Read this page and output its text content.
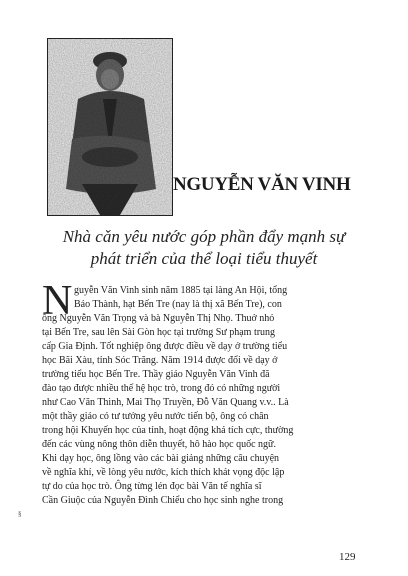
NGUYỄN VĂN VINH
Nhà cǎn yêu nước góp phần đẩy mạnh sự
phát triển của thể loại tiểu thuyết
N guyễn Văn Vinh sinh năm 1885 tại làng An Hội, tổng
Bảo Thành, hạt Bến Tre (nay là thị xã Bến Tre), con
ông Nguyễn Văn Trọng và bà Nguyễn Thị Nhọ. Thuở nhỏ
tại Bến Tre, sau lên Sài Gòn học tại trường Sư phạm trung
cấp Gia Định. Tốt nghiệp ông được điều về dạy ở trường tiểu
học Bãi Xàu, tỉnh Sóc Trăng. Năm 1914 được đổi về dạy ở
trường tiểu học Bến Tre. Thầy giáo Nguyễn Văn Vinh đã
đào tạo được nhiều thế hệ học trò, trong đó có những người
như Cao Văn Thinh, Mai Thọ Truyền, Đỗ Văn Quang v.v.. Là
một thầy giáo có tư tưởng yêu nước tiến bộ, ông có chân
trong hội Khuyến học của tỉnh, hoạt động khá tích cực, thường
đến các vùng nông thôn diễn thuyết, hô hào học quốc ngữ.
Khi dạy học, ông lồng vào các bài giảng những câu chuyện
về nghĩa khí, về lòng yêu nước, kích thích khát vọng độc lập
tự do của học trò. Ông từng lén đọc bài Văn tế nghĩa sĩ
Cần Giuộc của Nguyễn Đình Chiểu cho học sinh nghe trong
§
129
